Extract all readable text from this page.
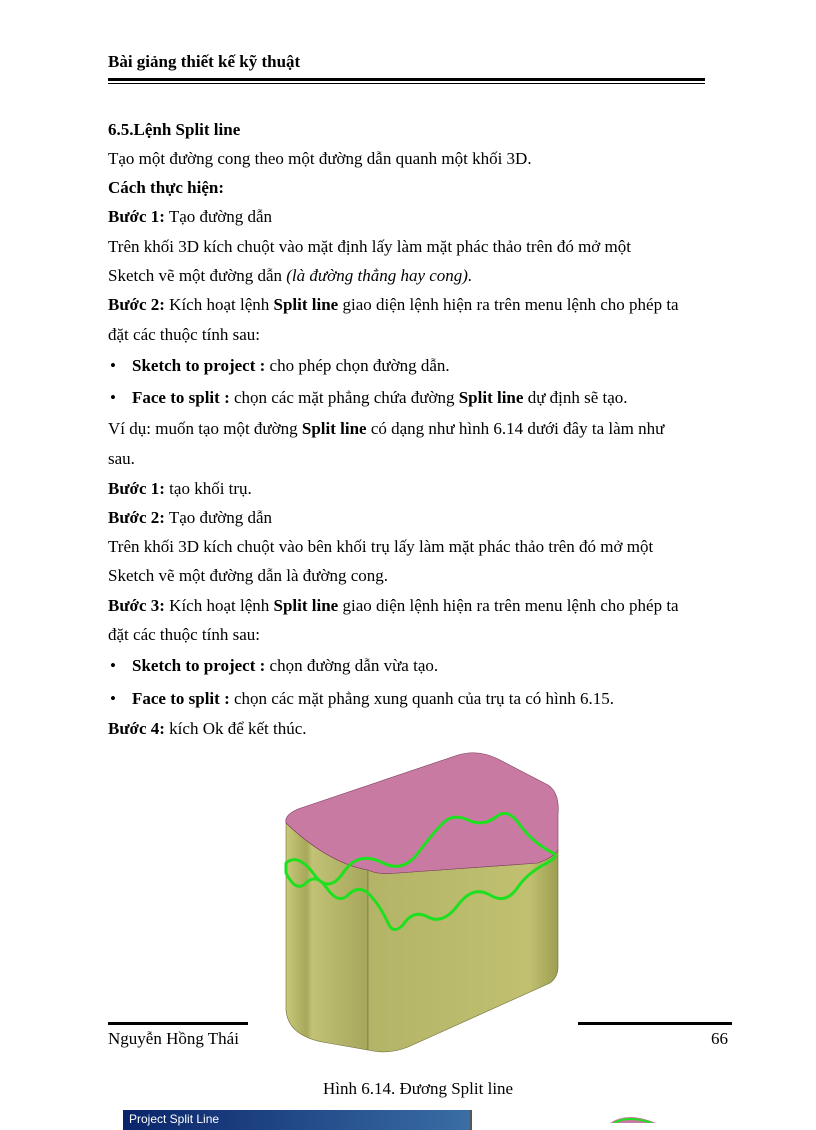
Bài giảng thiết kế kỹ thuật
6.5.Lệnh Split line
Tạo một đường cong theo một đường dẫn quanh một khối 3D.
Cách thực hiện:
Bước 1: Tạo đường dẫn
Trên khối 3D kích chuột vào mặt định lấy làm mặt phác thảo trên đó mở một
Sketch vẽ một đường dẫn (là đường thẳng hay cong).
Bước 2: Kích hoạt lệnh Split line giao diện lệnh hiện ra trên menu lệnh cho phép ta
đặt các thuộc tính sau:
• Sketch to project : cho phép chọn đường dẫn.
• Face to split : chọn các mặt phẳng chứa đường Split line dự định sẽ tạo.
Ví dụ: muốn tạo một đường Split line có dạng như hình 6.14 dưới đây ta làm như
sau.
Bước 1: tạo khối trụ.
Bước 2: Tạo đường dẫn
Trên khối 3D kích chuột vào bên khối trụ lấy làm mặt phác thảo trên đó mở một
Sketch vẽ một đường dẫn là đường cong.
Bước 3: Kích hoạt lệnh Split line giao diện lệnh hiện ra trên menu lệnh cho phép ta
đặt các thuộc tính sau:
• Sketch to project : chọn đường dẫn vừa tạo.
• Face to split : chọn các mặt phẳng xung quanh của trụ ta có hình 6.15.
Bước 4: kích Ok để kết thúc.
Nguyễn Hồng Thái	66
Hình 6.14. Đương Split line
Project Split Line
